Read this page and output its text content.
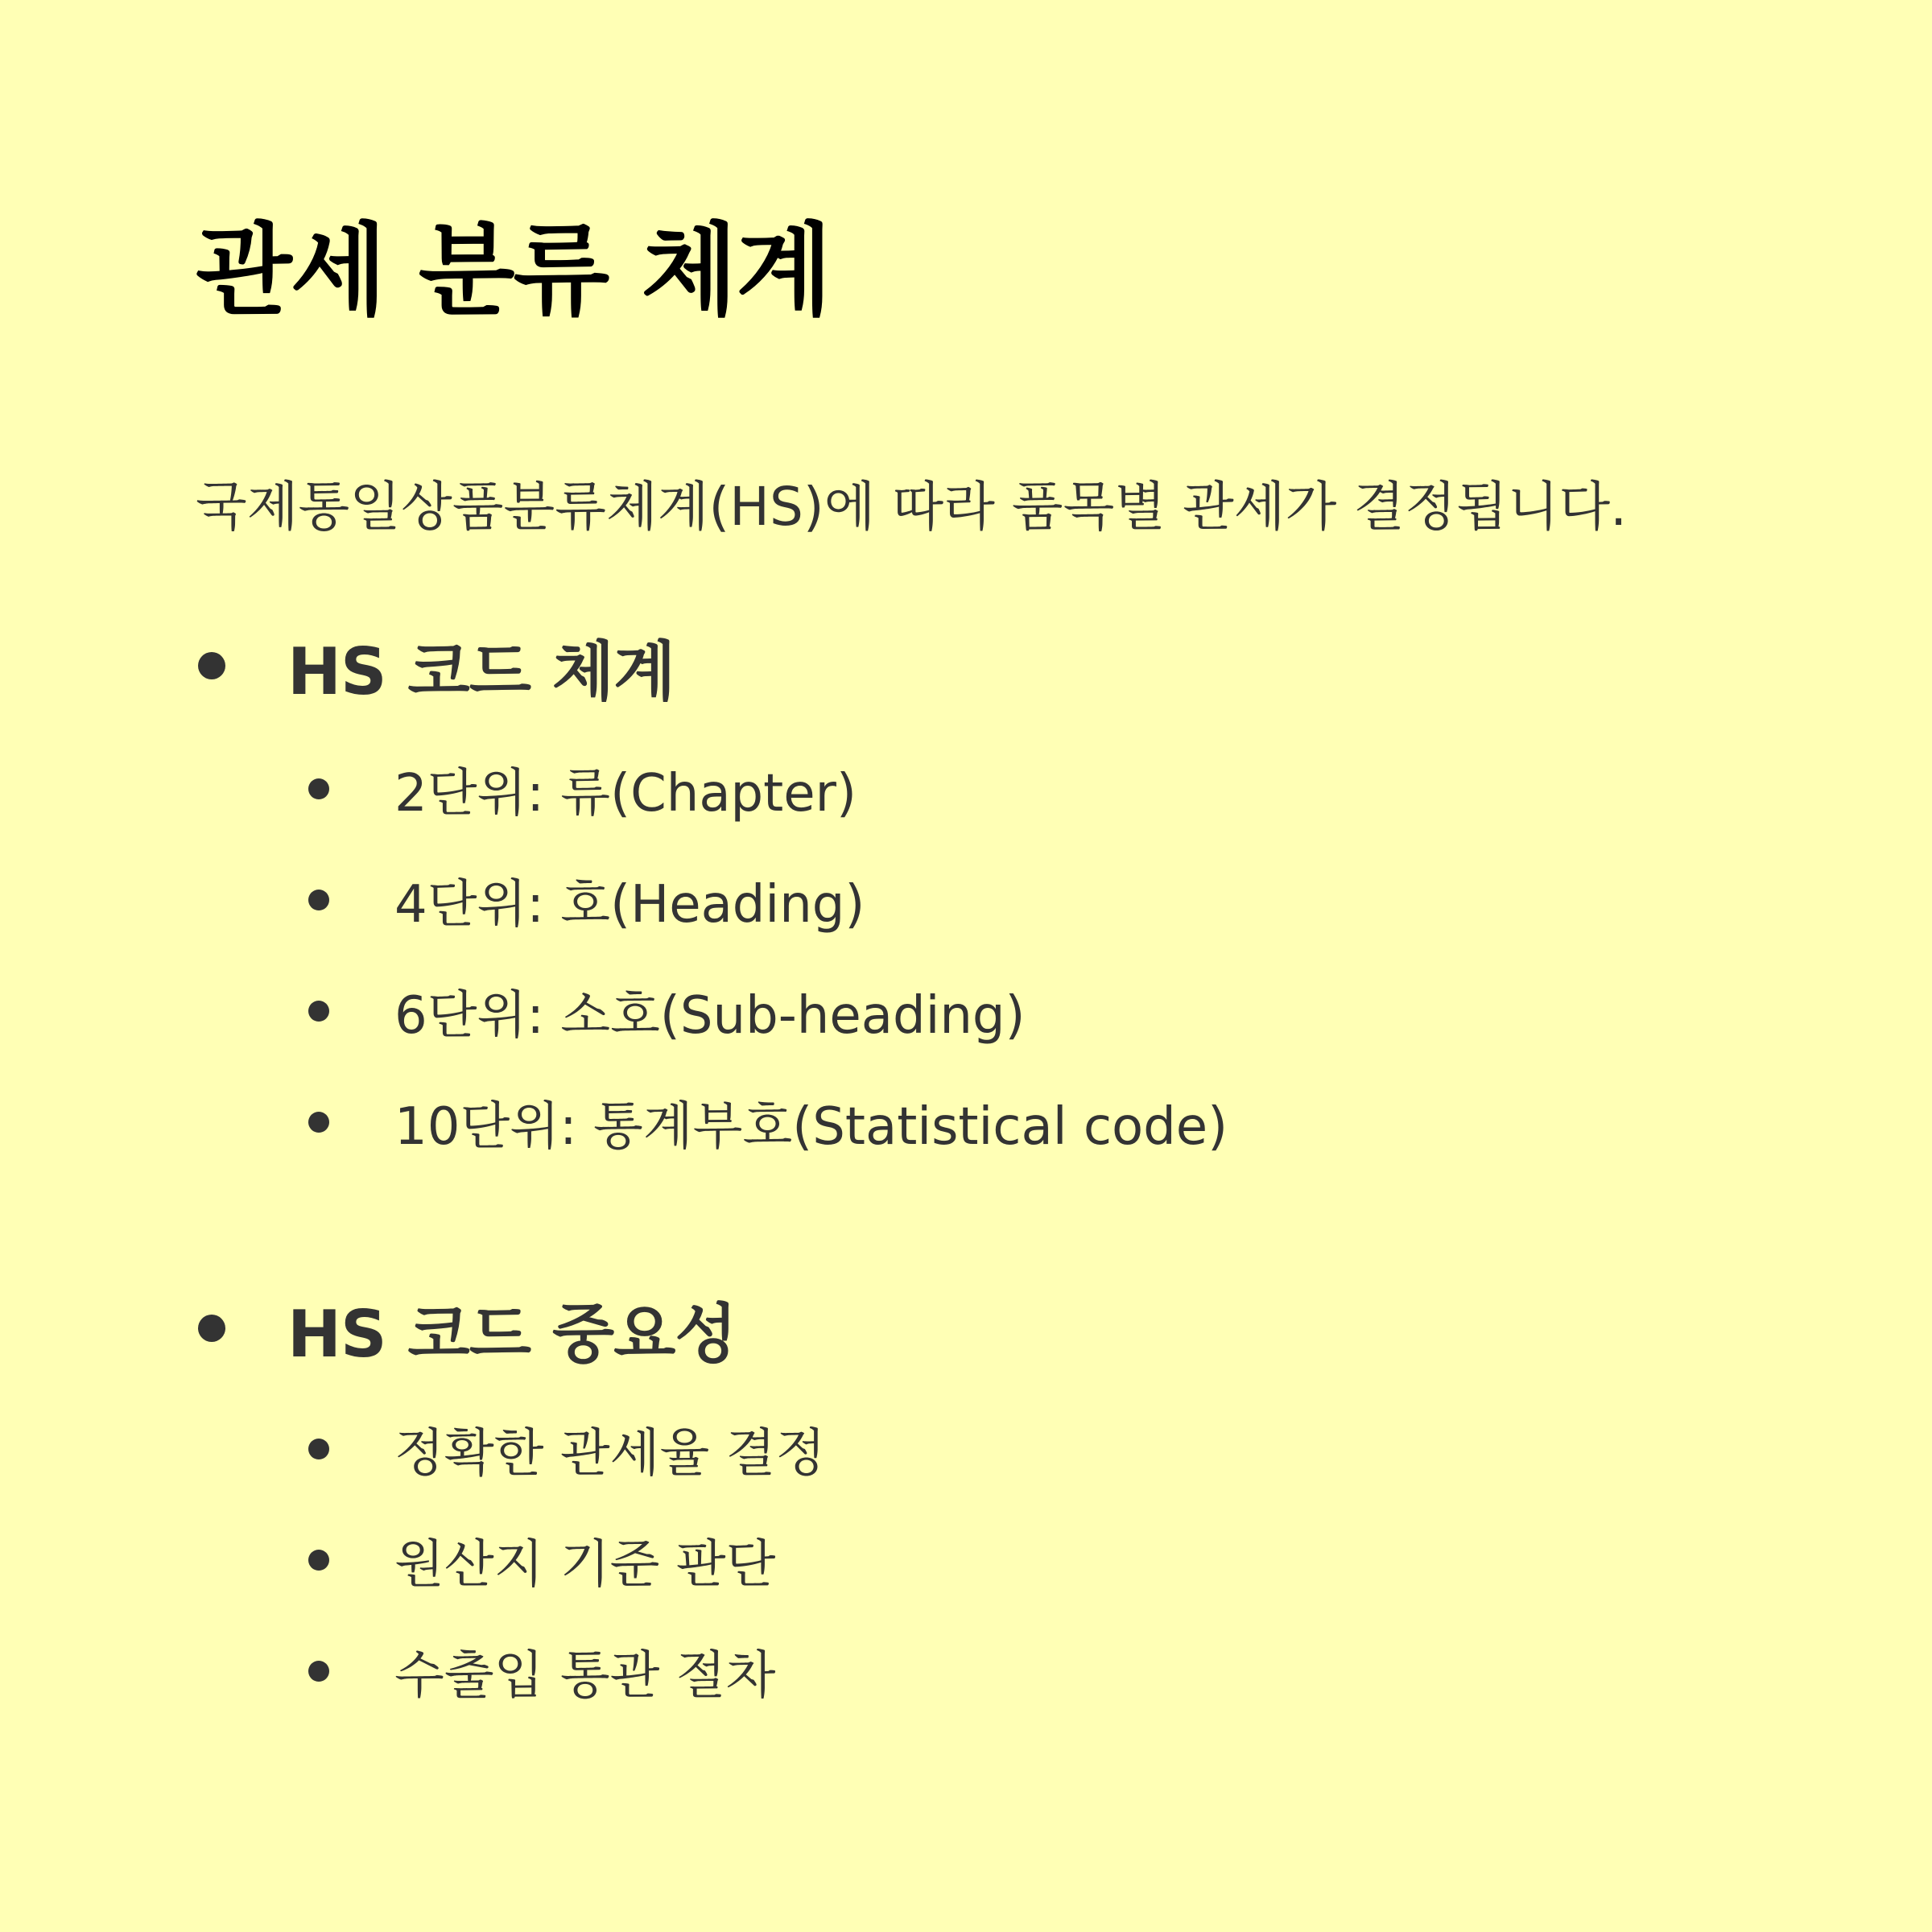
관세 분류 체계

국제통일상품분류체계(HS)에 따라 품목별 관세가 결정됩니다.

HS 코드 체계
2단위: 류(Chapter)
4단위: 호(Heading)
6단위: 소호(Sub-heading)
10단위: 통계부호(Statistical code)
HS 코드 중요성
정확한 관세율 결정
원산지 기준 판단
수출입 통관 절차
